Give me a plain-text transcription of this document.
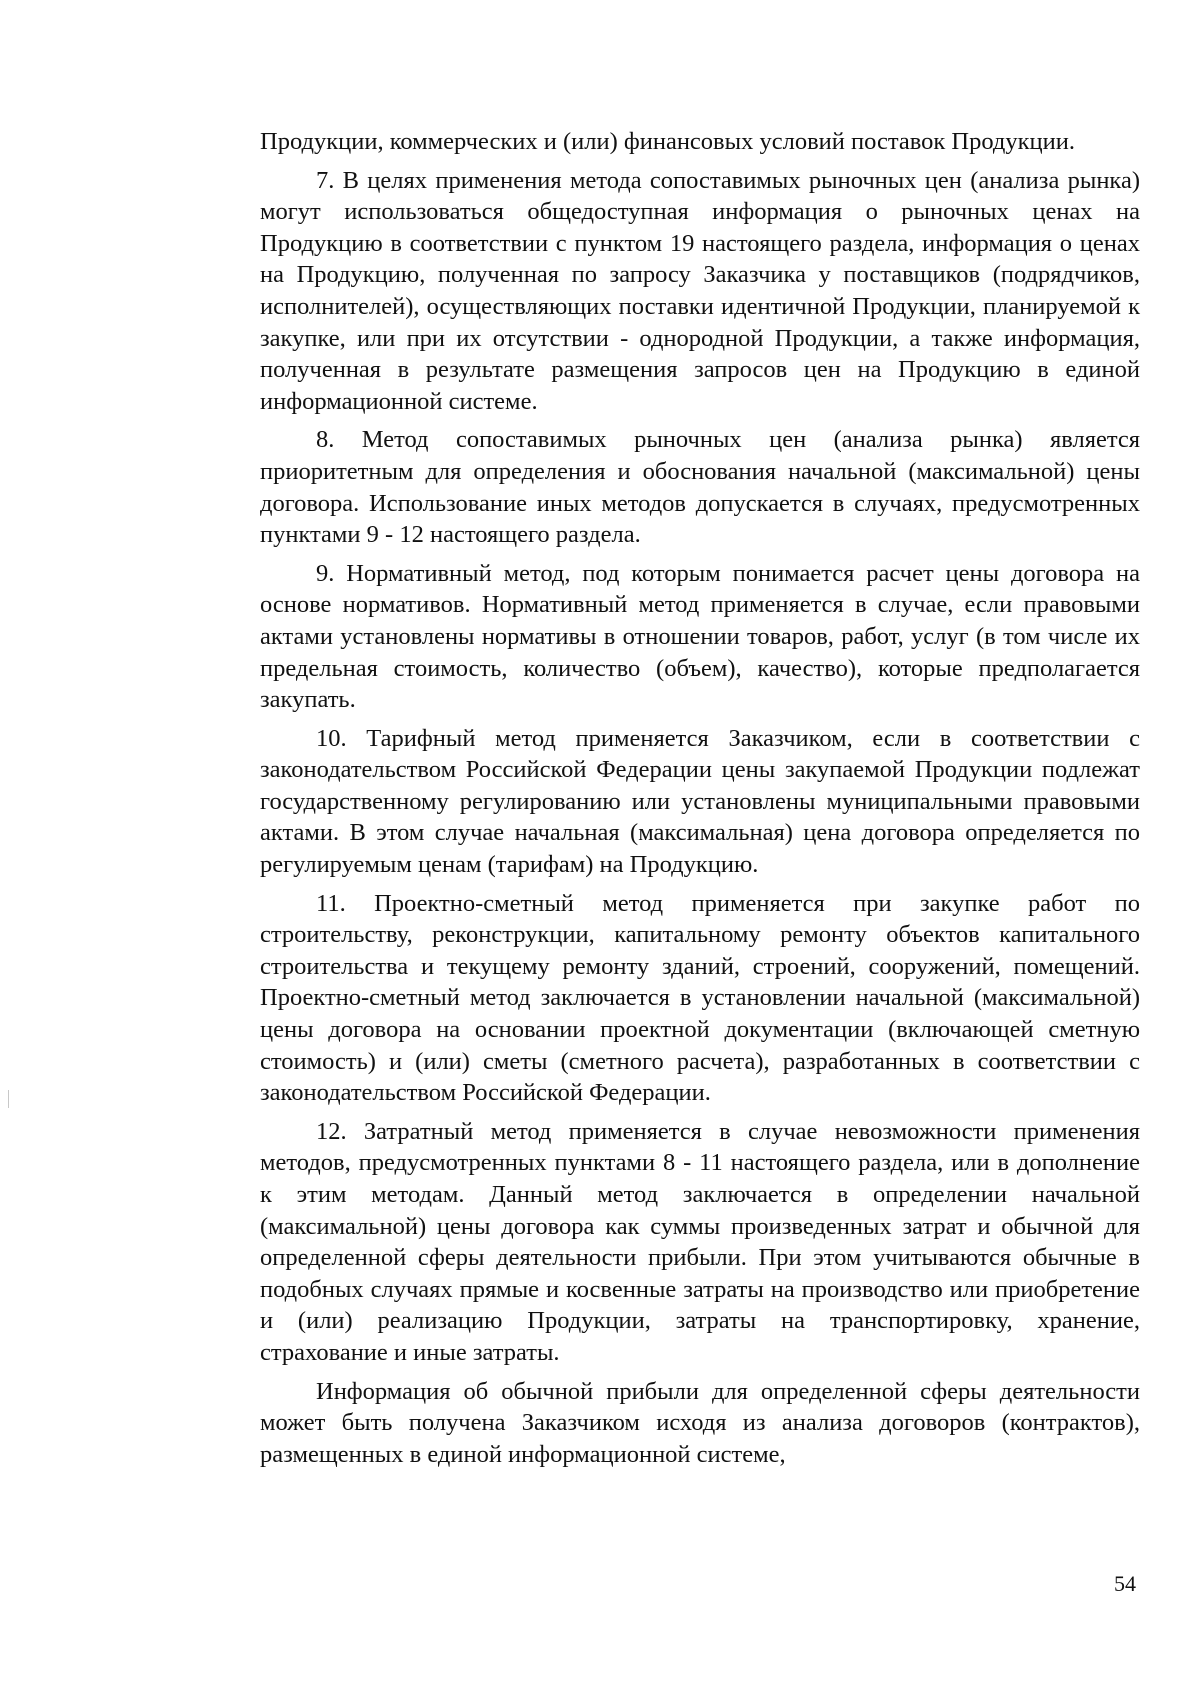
Продукции, коммерческих и (или) финансовых условий поставок Продукции.

7. В целях применения метода сопоставимых рыночных цен (анализа рынка) могут использоваться общедоступная информация о рыночных ценах на Продукцию в соответствии с пунктом 19 настоящего раздела, информация о ценах на Продукцию, полученная по запросу Заказчика у поставщиков (подрядчиков, исполнителей), осуществляющих поставки идентичной Продукции, планируемой к закупке, или при их отсутствии - однородной Продукции, а также информация, полученная в результате размещения запросов цен на Продукцию в единой информационной системе.

8. Метод сопоставимых рыночных цен (анализа рынка) является приоритетным для определения и обоснования начальной (максимальной) цены договора. Использование иных методов допускается в случаях, предусмотренных пунктами 9 - 12 настоящего раздела.

9. Нормативный метод, под которым понимается расчет цены договора на основе нормативов. Нормативный метод применяется в случае, если правовыми актами установлены нормативы в отношении товаров, работ, услуг (в том числе их предельная стоимость, количество (объем), качество), которые предполагается закупать.

10. Тарифный метод применяется Заказчиком, если в соответствии с законодательством Российской Федерации цены закупаемой Продукции подлежат государственному регулированию или установлены муниципальными правовыми актами. В этом случае начальная (максимальная) цена договора определяется по регулируемым ценам (тарифам) на Продукцию.

11. Проектно-сметный метод применяется при закупке работ по строительству, реконструкции, капитальному ремонту объектов капитального строительства и текущему ремонту зданий, строений, сооружений, помещений. Проектно-сметный метод заключается в установлении начальной (максимальной) цены договора на основании проектной документации (включающей сметную стоимость) и (или) сметы (сметного расчета), разработанных в соответствии с законодательством Российской Федерации.

12. Затратный метод применяется в случае невозможности применения методов, предусмотренных пунктами 8 - 11 настоящего раздела, или в дополнение к этим методам. Данный метод заключается в определении начальной (максимальной) цены договора как суммы произведенных затрат и обычной для определенной сферы деятельности прибыли. При этом учитываются обычные в подобных случаях прямые и косвенные затраты на производство или приобретение и (или) реализацию Продукции, затраты на транспортировку, хранение, страхование и иные затраты.

Информация об обычной прибыли для определенной сферы деятельности может быть получена Заказчиком исходя из анализа договоров (контрактов), размещенных в единой информационной системе,

54
